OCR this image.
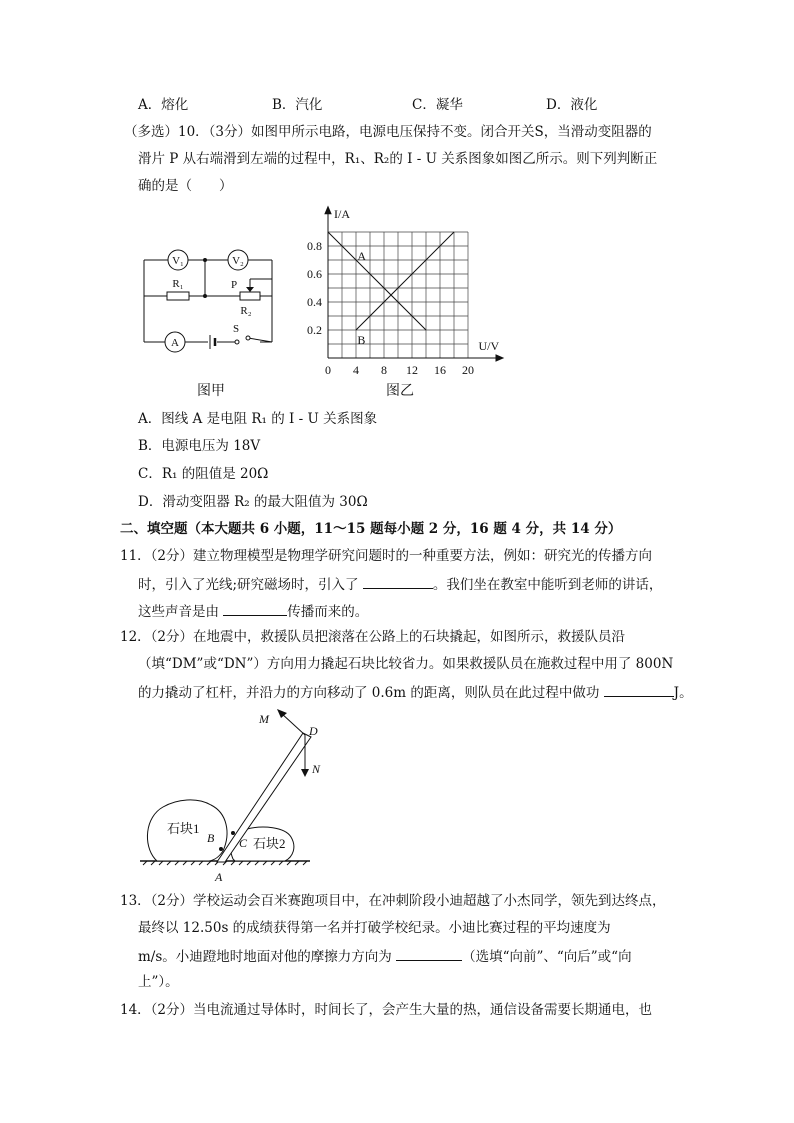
A．熔化	B．汽化	C．凝华	D．液化
（多选）10．（3分）如图甲所示电路，电源电压保持不变。闭合开关S，当滑动变阻器的
滑片 P 从右端滑到左端的过程中，R₁、R₂的 I - U 关系图象如图乙所示。则下列判断正
确的是（　　）
V₁	V₂
R₁	P
R₂
A
S
图甲
A
B
0 4 8 12 16 20
0.2
0.4
0.6
0.8
U/V
I/A
图乙
A．图线 A 是电阻 R₁ 的 I - U 关系图象
B．电源电压为 18V
C．R₁ 的阻值是 20Ω
D．滑动变阻器 R₂ 的最大阻值为 30Ω
二、填空题（本大题共 6 小题，11～15 题每小题 2 分，16 题 4 分，共 14 分）
11．（2分）建立物理模型是物理学研究问题时的一种重要方法，例如：研究光的传播方向
时，引入了光线;研究磁场时，引入了	。我们坐在教室中能听到老师的讲话，
这些声音是由	传播而来的。
12．（2分）在地震中，救援队员把滚落在公路上的石块撬起，如图所示，救援队员沿
（填“DM”或“DN”）方向用力撬起石块比较省力。如果救援队员在施救过程中用了 800N
的力撬动了杠杆，并沿力的方向移动了 0.6m 的距离，则队员在此过程中做功	J。
M
D
N
B C
A
石块1
石块2
13．（2分）学校运动会百米赛跑项目中，在冲刺阶段小迪超越了小杰同学，领先到达终点，
最终以 12.50s 的成绩获得第一名并打破学校纪录。小迪比赛过程的平均速度为
m/s。小迪蹬地时地面对他的摩擦力方向为	（选填“向前”、“向后”或“向
上”）。
14．（2分）当电流通过导体时，时间长了，会产生大量的热，通信设备需要长期通电，也
